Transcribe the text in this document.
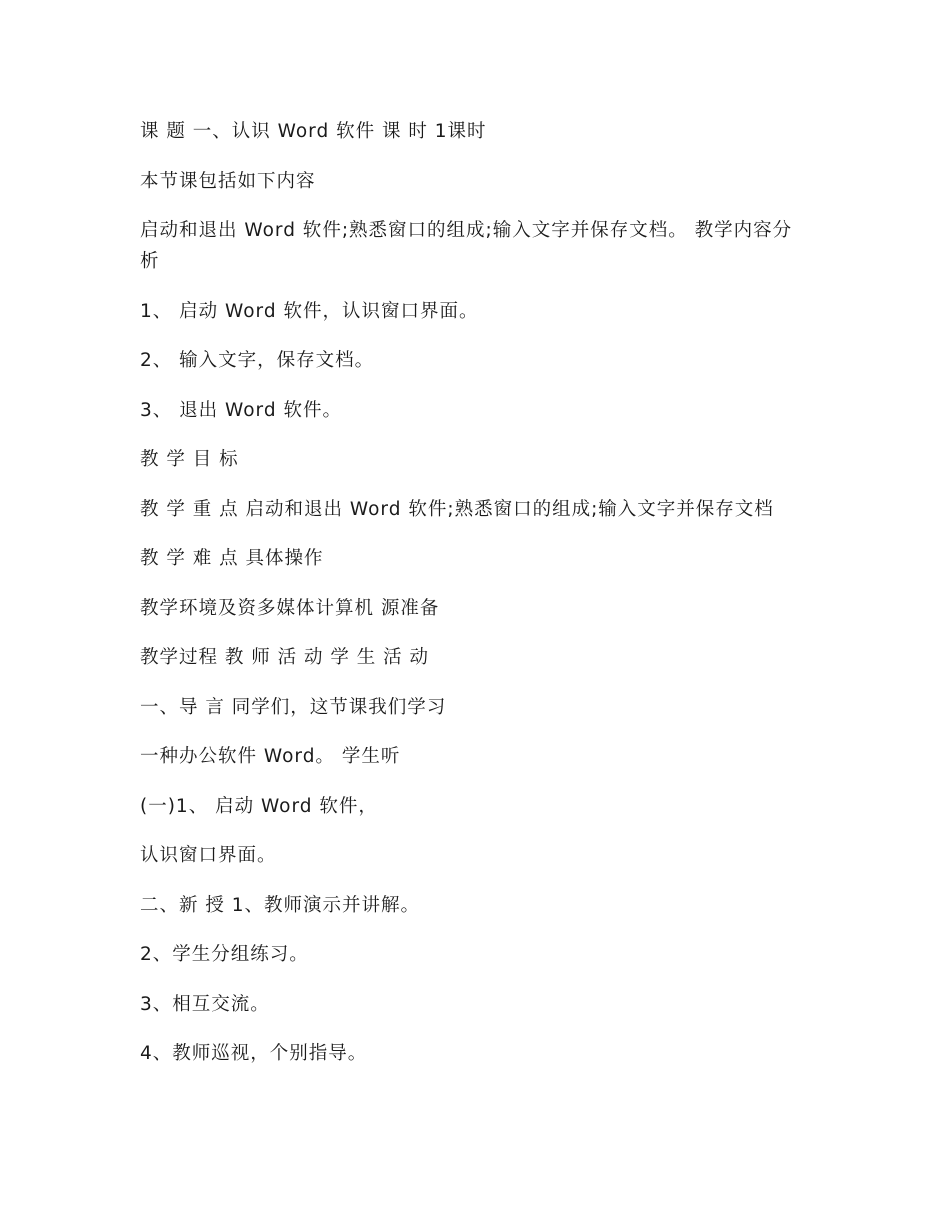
课 题 一、认识 Word 软件 课 时 1课时

本节课包括如下内容

启动和退出 Word 软件;熟悉窗口的组成;输入文字并保存文档。 教学内容分析

1、 启动 Word 软件，认识窗口界面。

2、 输入文字，保存文档。

3、 退出 Word 软件。

教 学 目 标

教 学 重 点 启动和退出 Word 软件;熟悉窗口的组成;输入文字并保存文档

教 学 难 点 具体操作

教学环境及资多媒体计算机 源准备

教学过程 教 师 活 动 学 生 活 动

一、导 言 同学们，这节课我们学习

一种办公软件 Word。 学生听

(一)1、 启动 Word 软件，

认识窗口界面。

二、新 授 1、教师演示并讲解。

2、学生分组练习。

3、相互交流。

4、教师巡视，个别指导。
